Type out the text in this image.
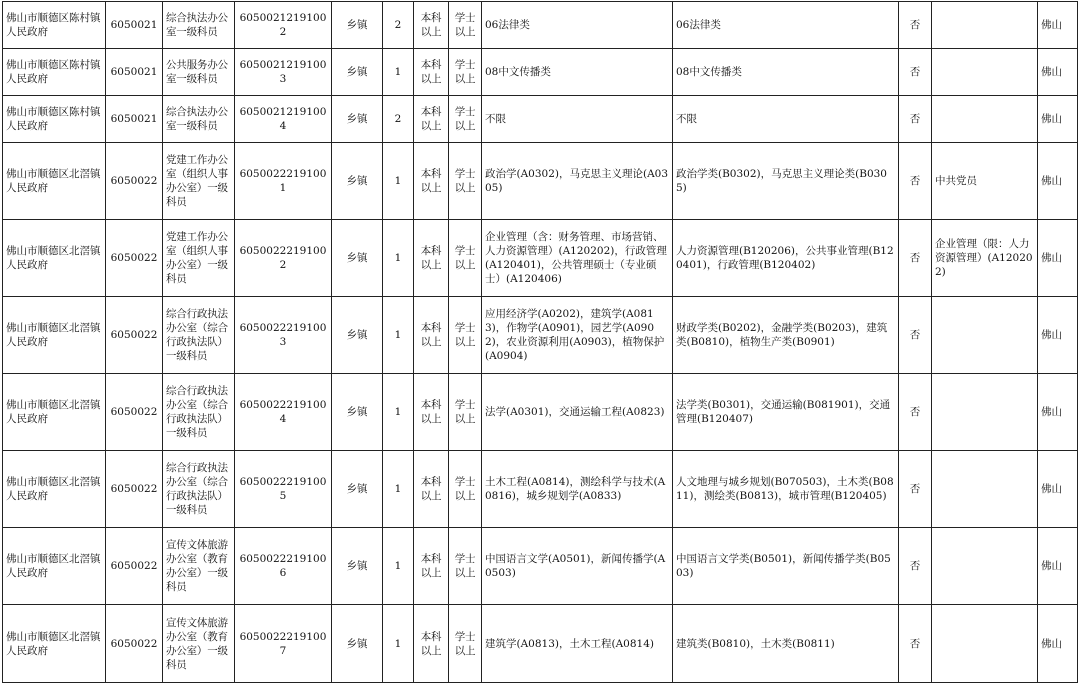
佛山市顺德区陈村镇人民政府	6050021	综合执法办公室一级科员	60500212191002	乡镇	2	本科以上	学士以上	06法律类	06法律类	否		佛山
佛山市顺德区陈村镇人民政府	6050021	公共服务办公室一级科员	60500212191003	乡镇	1	本科以上	学士以上	08中文传播类	08中文传播类	否		佛山
佛山市顺德区陈村镇人民政府	6050021	综合执法办公室一级科员	60500212191004	乡镇	2	本科以上	学士以上	不限	不限	否		佛山
佛山市顺德区北滘镇人民政府	6050022	党建工作办公室（组织人事办公室）一级科员	60500222191001	乡镇	1	本科以上	学士以上	政治学(A0302)，马克思主义理论(A0305)	政治学类(B0302)，马克思主义理论类(B0305)	否	中共党员	佛山
佛山市顺德区北滘镇人民政府	6050022	党建工作办公室（组织人事办公室）一级科员	60500222191002	乡镇	1	本科以上	学士以上	企业管理（含：财务管理、市场营销、人力资源管理）(A120202)，行政管理(A120401)，公共管理硕士（专业硕士）(A120406)	人力资源管理(B120206)，公共事业管理(B120401)，行政管理(B120402)	否	企业管理（限：人力资源管理）(A120202)	佛山
佛山市顺德区北滘镇人民政府	6050022	综合行政执法办公室（综合行政执法队）一级科员	60500222191003	乡镇	1	本科以上	学士以上	应用经济学(A0202)，建筑学(A0813)，作物学(A0901)，园艺学(A0902)，农业资源利用(A0903)，植物保护(A0904)	财政学类(B0202)，金融学类(B0203)，建筑类(B0810)，植物生产类(B0901)	否		佛山
佛山市顺德区北滘镇人民政府	6050022	综合行政执法办公室（综合行政执法队）一级科员	60500222191004	乡镇	1	本科以上	学士以上	法学(A0301)，交通运输工程(A0823)	法学类(B0301)，交通运输(B081901)，交通管理(B120407)	否		佛山
佛山市顺德区北滘镇人民政府	6050022	综合行政执法办公室（综合行政执法队）一级科员	60500222191005	乡镇	1	本科以上	学士以上	土木工程(A0814)，测绘科学与技术(A0816)，城乡规划学(A0833)	人文地理与城乡规划(B070503)，土木类(B0811)，测绘类(B0813)，城市管理(B120405)	否		佛山
佛山市顺德区北滘镇人民政府	6050022	宣传文体旅游办公室（教育办公室）一级科员	60500222191006	乡镇	1	本科以上	学士以上	中国语言文学(A0501)，新闻传播学(A0503)	中国语言文学类(B0501)，新闻传播学类(B0503)	否		佛山
佛山市顺德区北滘镇人民政府	6050022	宣传文体旅游办公室（教育办公室）一级科员	60500222191007	乡镇	1	本科以上	学士以上	建筑学(A0813)，土木工程(A0814)	建筑类(B0810)，土木类(B0811)	否		佛山
